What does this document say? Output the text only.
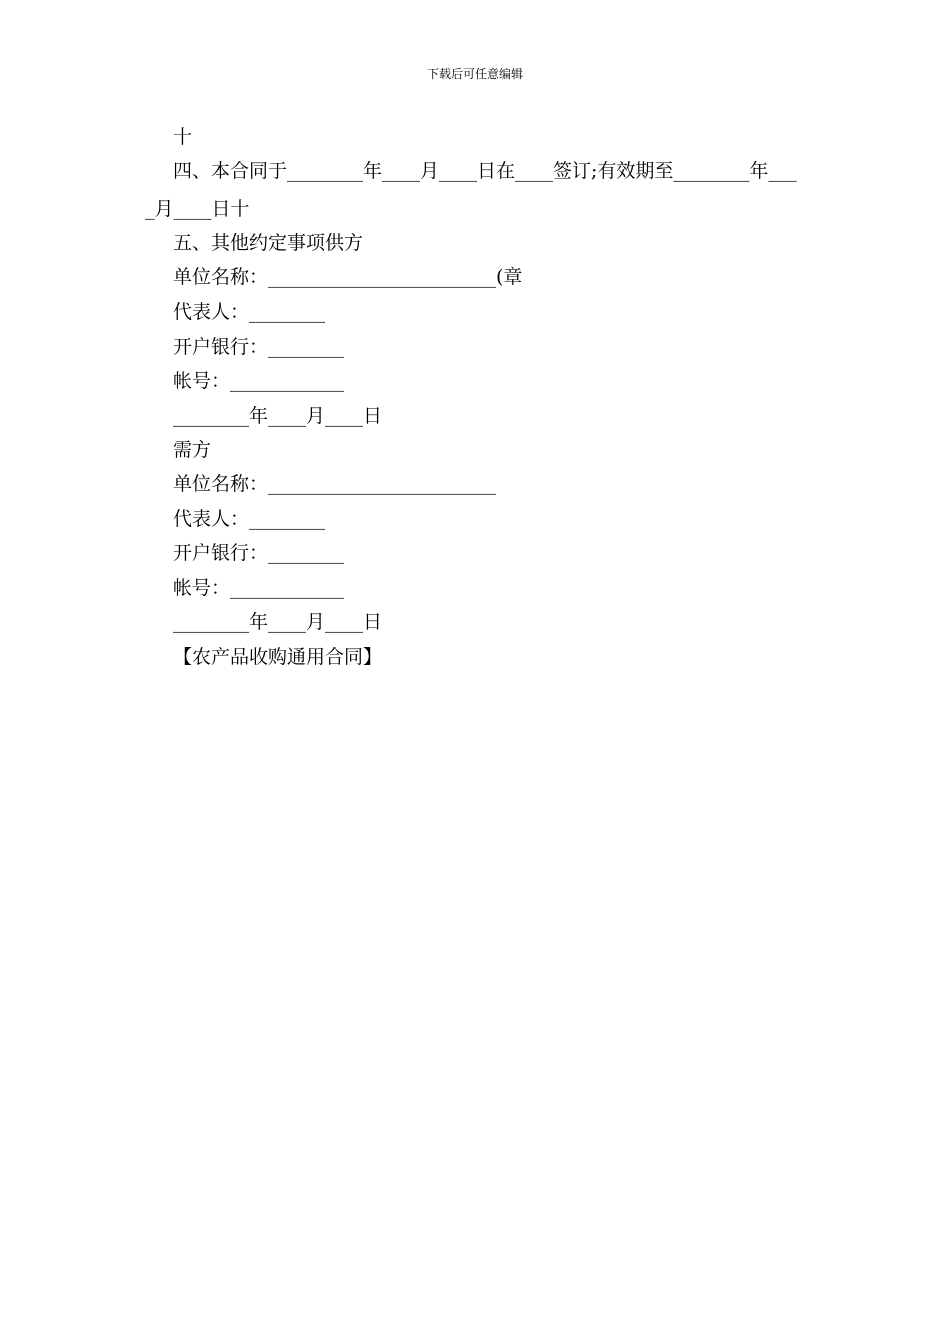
下载后可任意编辑
十
四、本合同于________年____月____日在____签订;有效期至________年___
_月____日十
五、其他约定事项供方
单位名称：________________________(章
代表人：________
开户银行：________
帐号：____________
________年____月____日
需方
单位名称：________________________
代表人：________
开户银行：________
帐号：____________
________年____月____日
【农产品收购通用合同】
